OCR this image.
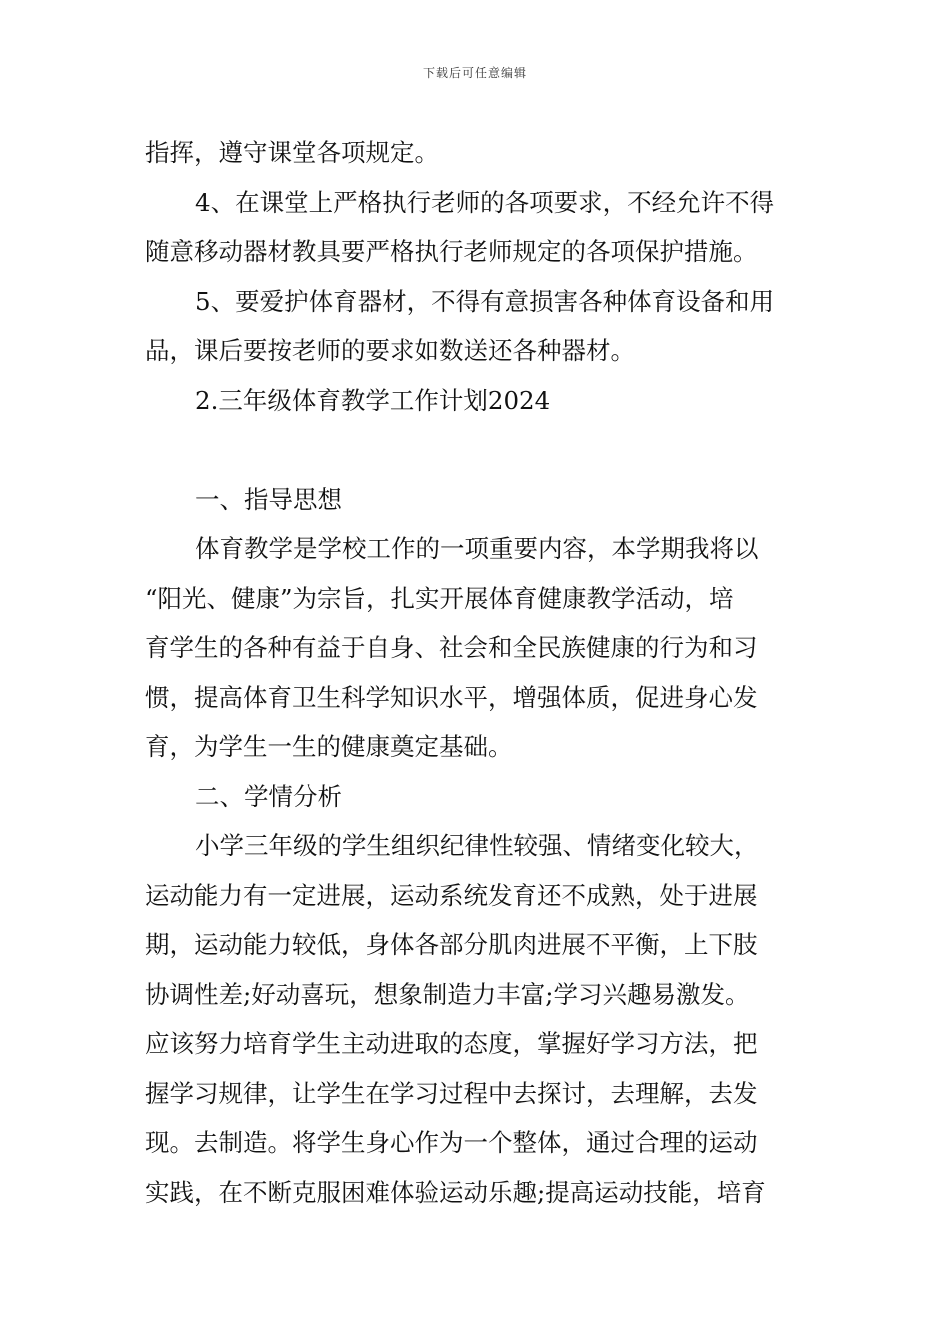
下载后可任意编辑
指挥，遵守课堂各项规定。
4、在课堂上严格执行老师的各项要求，不经允许不得
随意移动器材教具要严格执行老师规定的各项保护措施。
5、要爱护体育器材，不得有意损害各种体育设备和用
品，课后要按老师的要求如数送还各种器材。
2.三年级体育教学工作计划2024
一、指导思想
体育教学是学校工作的一项重要内容，本学期我将以
“阳光、健康”为宗旨，扎实开展体育健康教学活动，培
育学生的各种有益于自身、社会和全民族健康的行为和习
惯，提高体育卫生科学知识水平，增强体质，促进身心发
育，为学生一生的健康奠定基础。
二、学情分析
小学三年级的学生组织纪律性较强、情绪变化较大，
运动能力有一定进展，运动系统发育还不成熟，处于进展
期，运动能力较低，身体各部分肌肉进展不平衡，上下肢
协调性差;好动喜玩，想象制造力丰富;学习兴趣易激发。
应该努力培育学生主动进取的态度，掌握好学习方法，把
握学习规律，让学生在学习过程中去探讨，去理解，去发
现。去制造。将学生身心作为一个整体，通过合理的运动
实践，在不断克服困难体验运动乐趣;提高运动技能，培育
